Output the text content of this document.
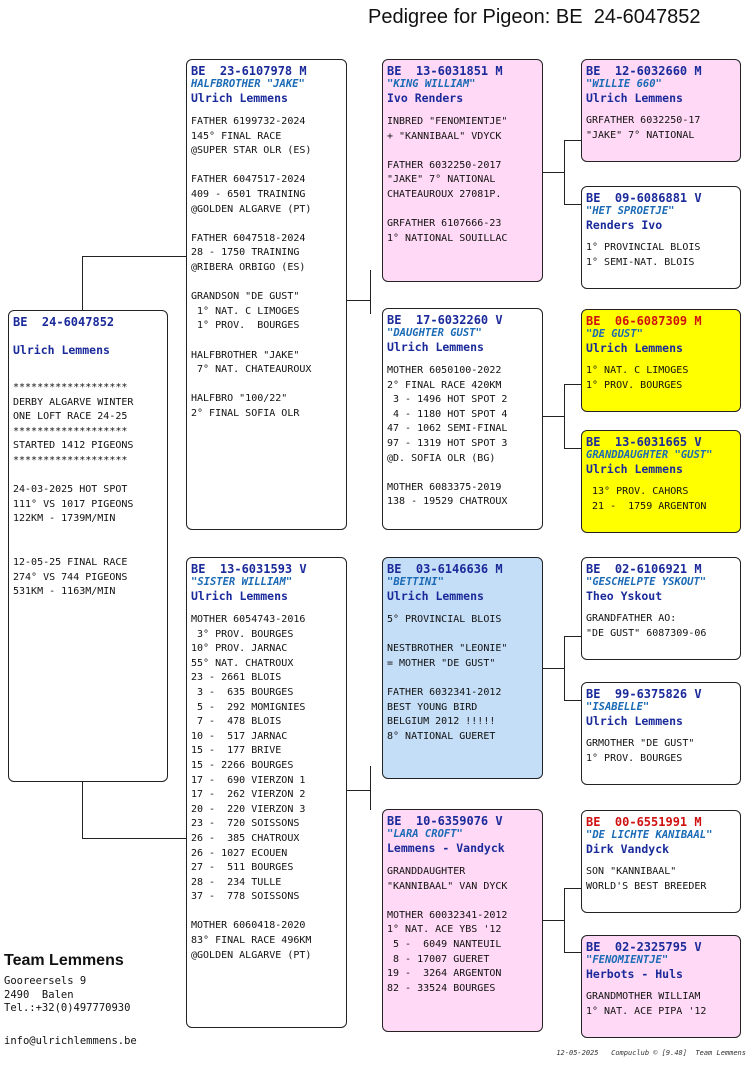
Pedigree for Pigeon: BE  24-6047852
BE  24-6047852
Ulrich Lemmens
*******************
DERBY ALGARVE WINTER
ONE LOFT RACE 24-25
*******************
STARTED 1412 PIGEONS
*******************

24-03-2025 HOT SPOT
111° VS 1017 PIGEONS
122KM - 1739M/MIN

12-05-25 FINAL RACE
274° VS 744 PIGEONS
531KM - 1163M/MIN
BE  23-6107978 M
HALFBROTHER "JAKE"
Ulrich Lemmens
FATHER 6199732-2024
145° FINAL RACE
@SUPER STAR OLR (ES)

FATHER 6047517-2024
409 - 6501 TRAINING
@GOLDEN ALGARVE (PT)

FATHER 6047518-2024
28 - 1750 TRAINING
@RIBERA ORBIGO (ES)

GRANDSON "DE GUST"
1° NAT. C LIMOGES
1° PROV.  BOURGES

HALFBROTHER "JAKE"
7° NAT. CHATEAUROUX

HALFBRO "100/22"
2° FINAL SOFIA OLR
BE  13-6031593 V
"SISTER WILLIAM"
Ulrich Lemmens
MOTHER 6054743-2016
3° PROV. BOURGES
10° PROV. JARNAC
55° NAT. CHATROUX
23 - 2661 BLOIS
3 -  635 BOURGES
5 -  292 MOMIGNIES
7 -  478 BLOIS
10 -  517 JARNAC
15 -  177 BRIVE
15 - 2266 BOURGES
17 -  690 VIERZON 1
17 -  262 VIERZON 2
20 -  220 VIERZON 3
23 -  720 SOISSONS
26 -  385 CHATROUX
26 - 1027 ECOUEN
27 -  511 BOURGES
28 -  234 TULLE
37 -  778 SOISSONS

MOTHER 6060418-2020
83° FINAL RACE 496KM
@GOLDEN ALGARVE (PT)
BE  13-6031851 M
"KING WILLIAM"
Ivo Renders
INBRED "FENOMIENTJE"
+ "KANNIBAAL" VDYCK

FATHER 6032250-2017
"JAKE" 7° NATIONAL
CHATEAUROUX 27081P.

GRFATHER 6107666-23
1° NATIONAL SOUILLAC
BE  17-6032260 V
"DAUGHTER GUST"
Ulrich Lemmens
MOTHER 6050100-2022
2° FINAL RACE 420KM
3 - 1496 HOT SPOT 2
4 - 1180 HOT SPOT 4
47 - 1062 SEMI-FINAL
97 - 1319 HOT SPOT 3
@D. SOFIA OLR (BG)

MOTHER 6083375-2019
138 - 19529 CHATROUX
BE  03-6146636 M
"BETTINI"
Ulrich Lemmens
5° PROVINCIAL BLOIS

NESTBROTHER "LEONIE"
= MOTHER "DE GUST"

FATHER 6032341-2012
BEST YOUNG BIRD
BELGIUM 2012 !!!!!
8° NATIONAL GUERET
BE  10-6359076 V
"LARA CROFT"
Lemmens - Vandyck
GRANDDAUGHTER
"KANNIBAAL" VAN DYCK

MOTHER 60032341-2012
1° NAT. ACE YBS '12
5 -  6049 NANTEUIL
8 - 17007 GUERET
19 -  3264 ARGENTON
82 - 33524 BOURGES
BE  12-6032660 M
"WILLIE 660"
Ulrich Lemmens
GRFATHER 6032250-17
"JAKE" 7° NATIONAL
BE  09-6086881 V
"HET SPROETJE"
Renders Ivo
1° PROVINCIAL BLOIS
1° SEMI-NAT. BLOIS
BE  06-6087309 M
"DE GUST"
Ulrich Lemmens
1° NAT. C LIMOGES
1° PROV. BOURGES
BE  13-6031665 V
GRANDDAUGHTER "GUST"
Ulrich Lemmens
13° PROV. CAHORS
21 -  1759 ARGENTON
BE  02-6106921 M
"GESCHELPTE YSKOUT"
Theo Yskout
GRANDFATHER AO:
"DE GUST" 6087309-06
BE  99-6375826 V
"ISABELLE"
Ulrich Lemmens
GRMOTHER "DE GUST"
1° PROV. BOURGES
BE  00-6551991 M
"DE LICHTE KANIBAAL"
Dirk Vandyck
SON "KANNIBAAL"
WORLD'S BEST BREEDER
BE  02-2325795 V
"FENOMIENTJE"
Herbots - Huls
GRANDMOTHER WILLIAM
1° NAT. ACE PIPA '12
Team Lemmens
Gooreersels 9
2490  Balen
Tel.:+32(0)497770930
info@ulrichlemmens.be
12-05-2025   Compuclub © [9.48]  Team Lemmens
